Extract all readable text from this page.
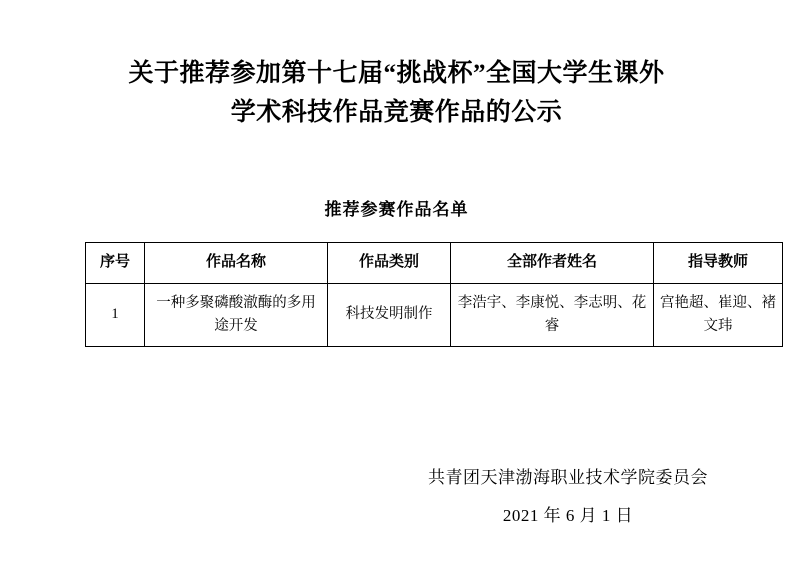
关于推荐参加第十七届“挑战杯”全国大学生课外
学术科技作品竞赛作品的公示
推荐参赛作品名单
序号	作品名称	作品类别	全部作者姓名	指导教师
1	一种多聚磷酸澈酶的多用途开发	科技发明制作	李浩宇、李康悦、李志明、花睿	宫艳超、崔迎、褚文玮
共青团天津渤海职业技术学院委员会
2021 年 6 月 1 日
